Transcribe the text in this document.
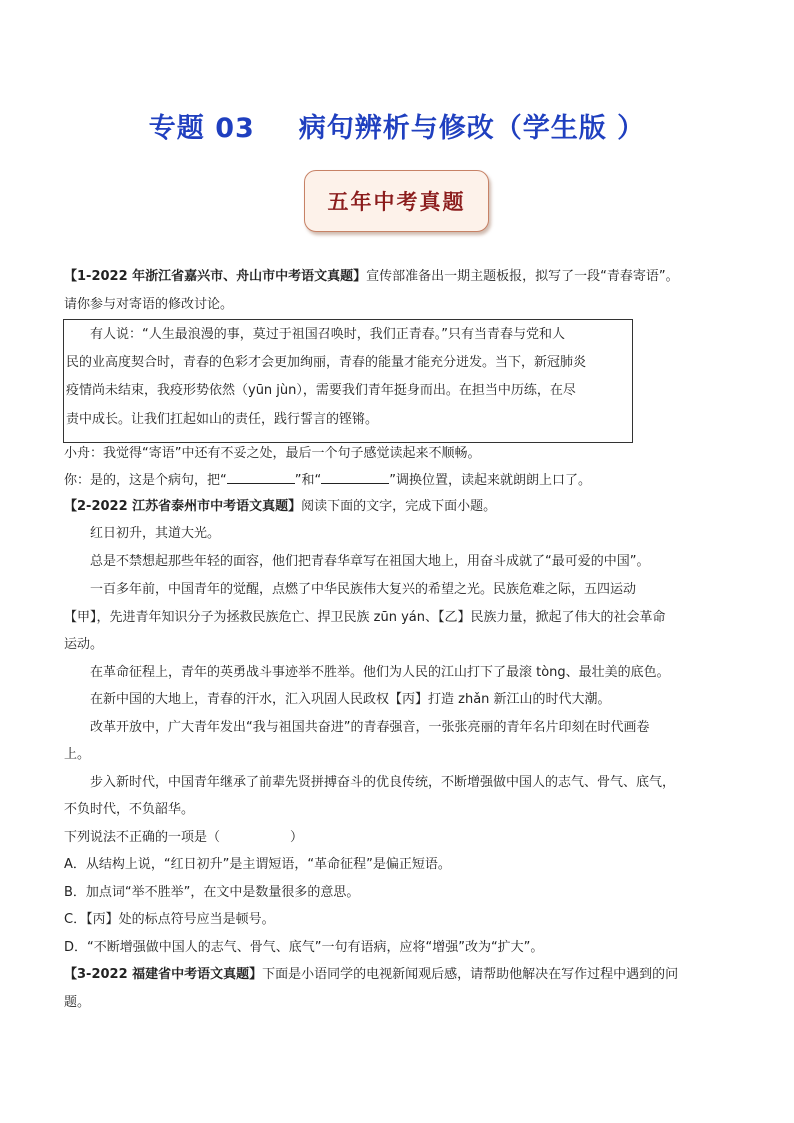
专题 03 病句辨析与修改（学生版 ）
五年中考真题
【1-2022 年浙江省嘉兴市、舟山市中考语文真题】宣传部准备出一期主题板报，拟写了一段“青春寄语”。
请你参与对寄语的修改讨论。
有人说：“人生最浪漫的事，莫过于祖国召唤时，我们正青春。”只有当青春与党和人
民的业高度契合时，青春的色彩才会更加绚丽，青春的能量才能充分迸发。当下，新冠肺炎
疫情尚未结束，我疫形势依然（yūn jùn），需要我们青年挺身而出。在担当中历练，在尽
责中成长。让我们扛起如山的责任，践行誓言的铿锵。
小舟：我觉得“寄语”中还有不妥之处，最后一个句子感觉读起来不顺畅。
你：是的，这是个病句，把“	”和“	”调换位置，读起来就朗朗上口了。
【2-2022 江苏省泰州市中考语文真题】阅读下面的文字，完成下面小题。
红日初升，其道大光。
总是不禁想起那些年轻的面容，他们把青春华章写在祖国大地上，用奋斗成就了“最可爱的中国”。
一百多年前，中国青年的觉醒，点燃了中华民族伟大复兴的希望之光。民族危难之际，五四运动
【甲】，先进青年知识分子为拯救民族危亡、捍卫民族 zūn yán、【乙】民族力量，掀起了伟大的社会革命
运动。
在革命征程上，青年的英勇战斗事迹举不胜举。他们为人民的江山打下了最滚 tòng、最壮美的底色。
在新中国的大地上，青春的汗水，汇入巩固人民政权【丙】打造 zhǎn 新江山的时代大潮。
改革开放中，广大青年发出“我与祖国共奋进”的青春强音，一张张亮丽的青年名片印刻在时代画卷
上。
步入新时代，中国青年继承了前辈先贤拼搏奋斗的优良传统，不断增强做中国人的志气、骨气、底气，
不负时代，不负韶华。
下列说法不正确的一项是（	）
A．从结构上说，“红日初升”是主谓短语，“革命征程”是偏正短语。
B．加点词“举不胜举”，在文中是数量很多的意思。
C．【丙】处的标点符号应当是顿号。
D．“不断增强做中国人的志气、骨气、底气”一句有语病，应将“增强”改为“扩大”。
【3-2022 福建省中考语文真题】下面是小语同学的电视新闻观后感，请帮助他解决在写作过程中遇到的问
题。
